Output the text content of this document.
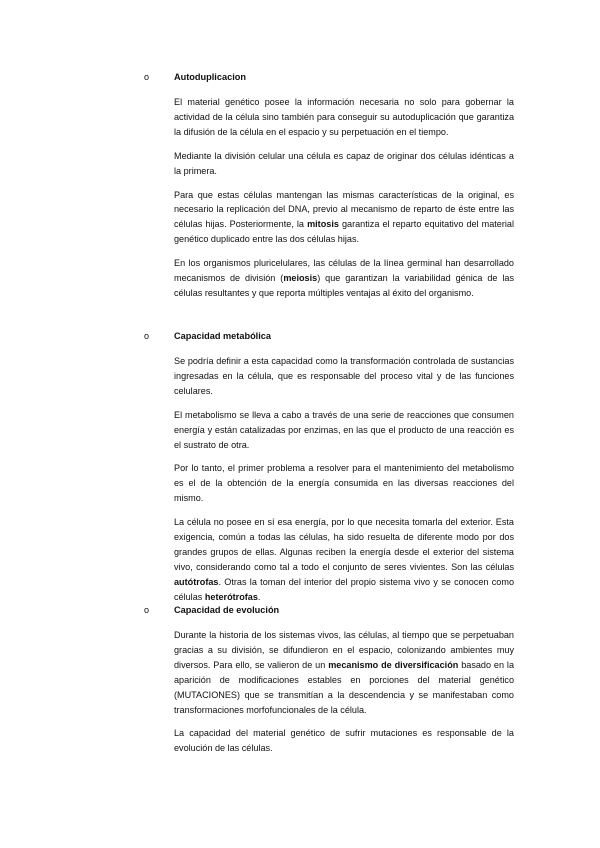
o	Autoduplicacion

El material genético posee la información necesaria no solo para gobernar la actividad de la célula sino también para conseguir su autoduplicación que garantiza la difusión de la célula en el espacio y su perpetuación en el tiempo.

Mediante la división celular una célula es capaz de originar dos células idénticas a la primera.

Para que estas células mantengan las mismas características de la original, es necesario la replicación del DNA, previo al mecanismo de reparto de éste entre las células hijas. Posteriormente, la mitosis garantiza el reparto equitativo del material genético duplicado entre las dos células hijas.

En los organismos pluricelulares, las células de la línea germinal han desarrollado mecanismos de división (meiosis) que garantizan la variabilidad génica de las células resultantes y que reporta múltiples ventajas al éxito del organismo.

o	Capacidad metabólica

Se podría definir a esta capacidad como la transformación controlada de sustancias ingresadas en la célula, que es responsable del proceso vital y de las funciones celulares.

El metabolismo se lleva a cabo a través de una serie de reacciones que consumen energía y están catalizadas por enzimas, en las que el producto de una reacción es el sustrato de otra.

Por lo tanto, el primer problema a resolver para el mantenimiento del metabolismo es el de la obtención de la energía consumida en las diversas reacciones del mismo.

La célula no posee en sí esa energía, por lo que necesita tomarla del exterior. Esta exigencia, común a todas las células, ha sido resuelta de diferente modo por dos grandes grupos de ellas. Algunas reciben la energía desde el exterior del sistema vivo, considerando como tal a todo el conjunto de seres vivientes. Son las células autótrofas. Otras la toman del interior del propio sistema vivo y se conocen como células heterótrofas.

o	Capacidad de evolución

Durante la historia de los sistemas vivos, las células, al tiempo que se perpetuaban gracias a su división, se difundieron en el espacio, colonizando ambientes muy diversos. Para ello, se valieron de un mecanismo de diversificación basado en la aparición de modificaciones estables en porciones del material genético (MUTACIONES) que se transmitían a la descendencia y se manifestaban como transformaciones morfofuncionales de la célula.

La capacidad del material genético de sufrir mutaciones es responsable de la evolución de las células.
